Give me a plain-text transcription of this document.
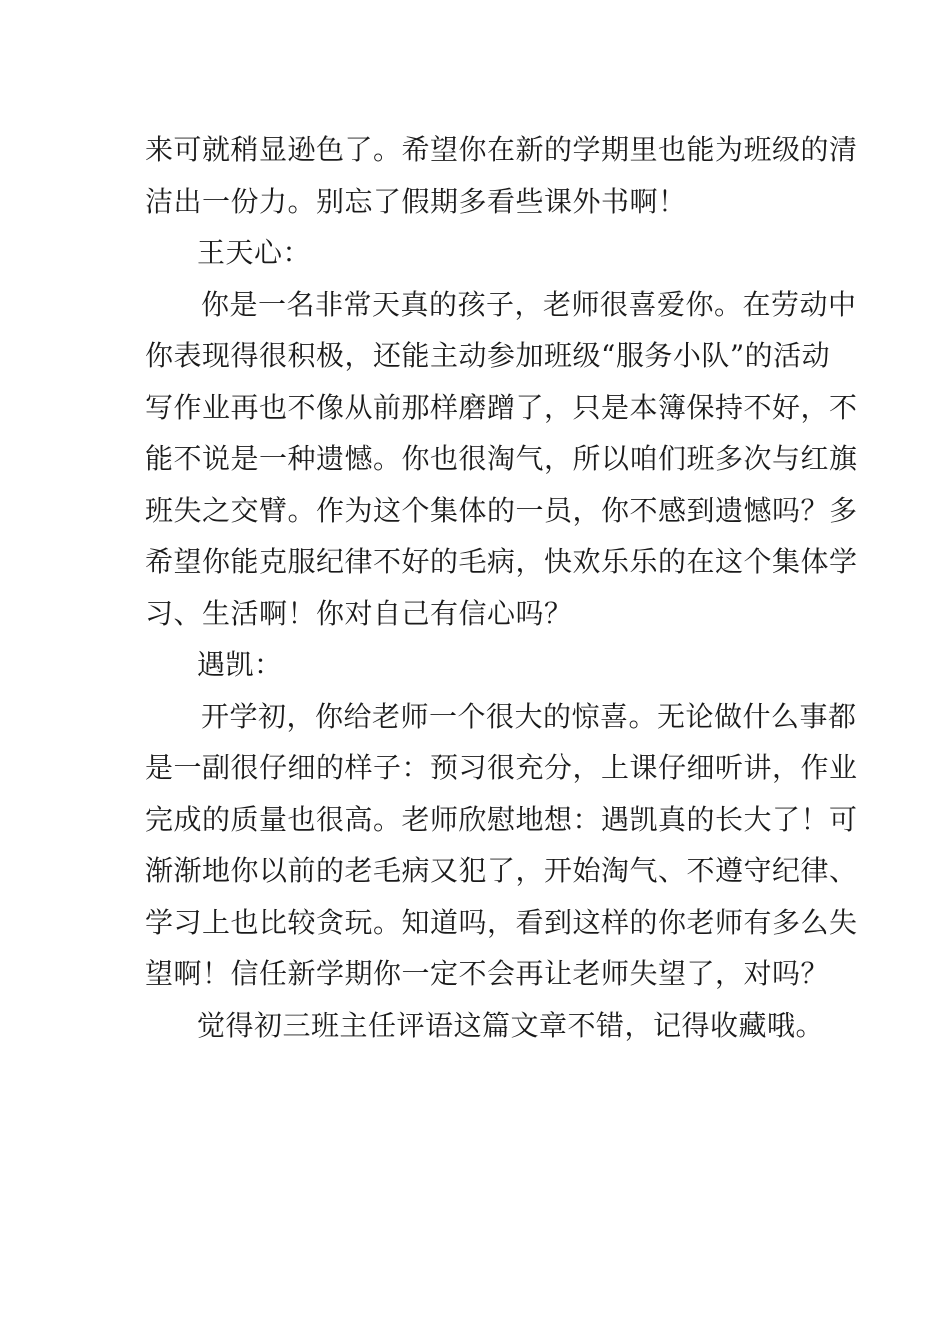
来可就稍显逊色了。希望你在新的学期里也能为班级的清
洁出一份力。别忘了假期多看些课外书啊！
王天心：
你是一名非常天真的孩子，老师很喜爱你。在劳动中
你表现得很积极，还能主动参加班级“服务小队”的活动
写作业再也不像从前那样磨蹭了，只是本簿保持不好，不
能不说是一种遗憾。你也很淘气，所以咱们班多次与红旗
班失之交臂。作为这个集体的一员，你不感到遗憾吗？多
希望你能克服纪律不好的毛病，快欢乐乐的在这个集体学
习、生活啊！你对自己有信心吗？
遇凯：
开学初，你给老师一个很大的惊喜。无论做什么事都
是一副很仔细的样子：预习很充分，上课仔细听讲，作业
完成的质量也很高。老师欣慰地想：遇凯真的长大了！可
渐渐地你以前的老毛病又犯了，开始淘气、不遵守纪律、
学习上也比较贪玩。知道吗，看到这样的你老师有多么失
望啊！信任新学期你一定不会再让老师失望了，对吗？
觉得初三班主任评语这篇文章不错，记得收藏哦。
